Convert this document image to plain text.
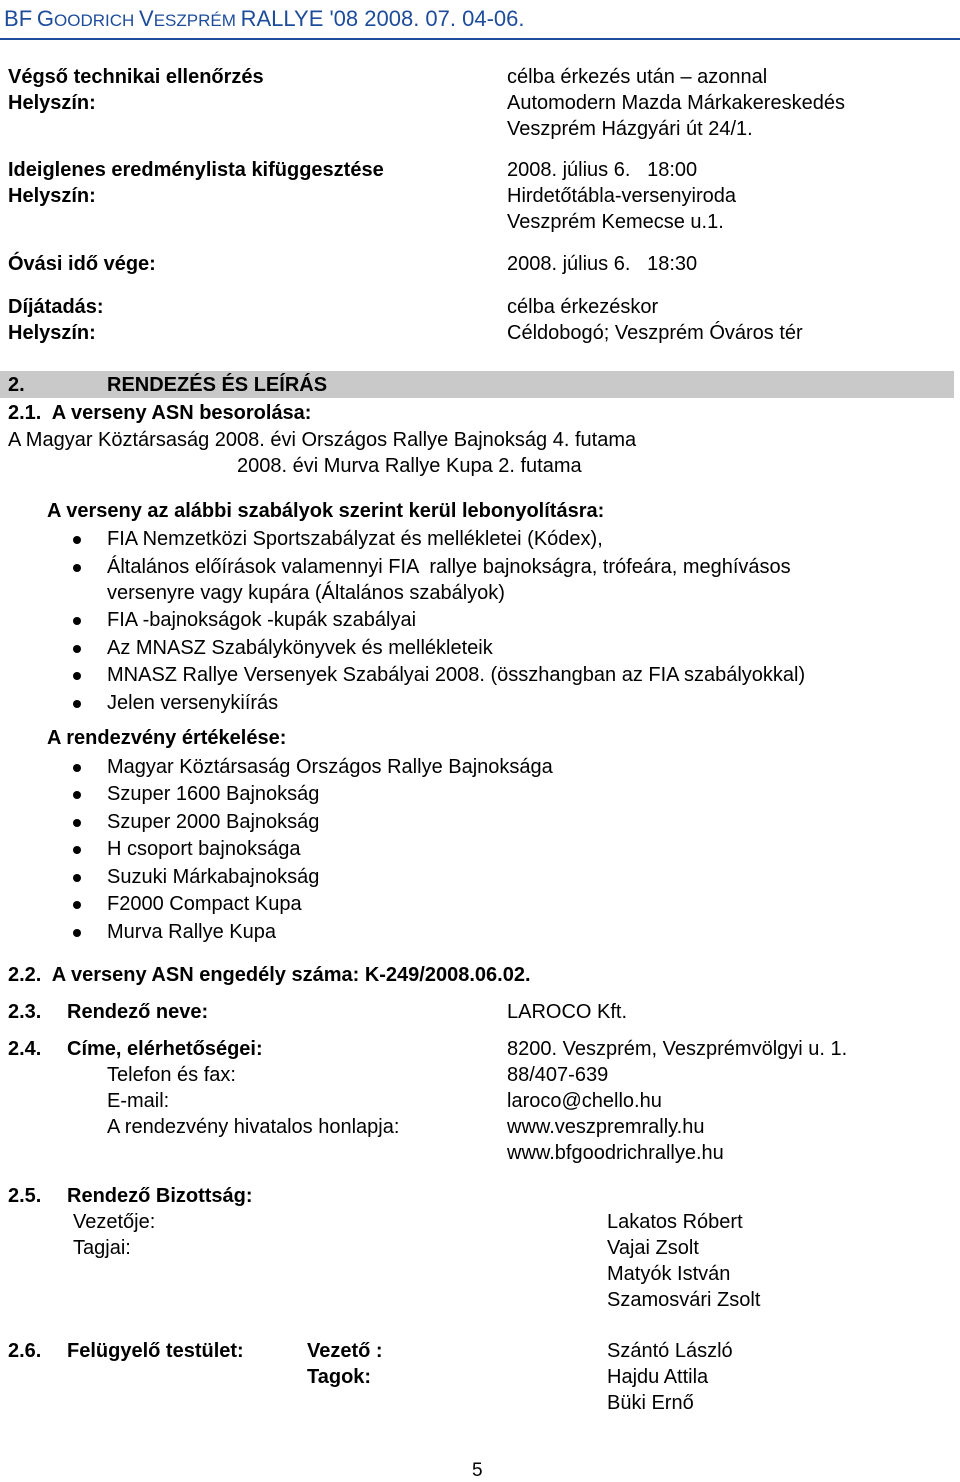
BF GOODRICH VESZPRÉM RALLYE '08 2008. 07. 04-06.
Végső technikai ellenőrzés	célba érkezés után – azonnal
Helyszín:	Automodern Mazda Márkakereskedés
Veszprém Házgyári út 24/1.
Ideiglenes eredménylista kifüggesztése	2008. július 6.   18:00
Helyszín:	Hirdetőtábla-versenyiroda
Veszprém Kemecse u.1.
Óvási idő vége:	2008. július 6.   18:30
Díjátadás:	célba érkezéskor
Helyszín:	Céldobogó; Veszprém Óváros tér
2.	RENDEZÉS ÉS LEÍRÁS
2.1.  A verseny ASN besorolása:
A Magyar Köztársaság 2008. évi Országos Rallye Bajnokság 4. futama
2008. évi Murva Rallye Kupa 2. futama
A verseny az alábbi szabályok szerint kerül lebonyolításra:
FIA Nemzetközi Sportszabályzat és mellékletei (Kódex),
Általános előírások valamennyi FIA  rallye bajnokságra, trófeára, meghívásos
versenyre vagy kupára (Általános szabályok)
FIA -bajnokságok -kupák szabályai
Az MNASZ Szabálykönyvek és mellékleteik
MNASZ Rallye Versenyek Szabályai 2008. (összhangban az FIA szabályokkal)
Jelen versenykiírás
A rendezvény értékelése:
Magyar Köztársaság Országos Rallye Bajnoksága
Szuper 1600 Bajnokság
Szuper 2000 Bajnokság
H csoport bajnoksága
Suzuki Márkabajnokság
F2000 Compact Kupa
Murva Rallye Kupa
2.2.  A verseny ASN engedély száma: K-249/2008.06.02.
2.3. Rendező neve:	LAROCO Kft.
2.4. Címe, elérhetőségei:	8200. Veszprém, Veszprémvölgyi u. 1.
Telefon és fax:	88/407-639
E-mail:	laroco@chello.hu
A rendezvény hivatalos honlapja:	www.veszpremrally.hu
www.bfgoodrichrallye.hu
2.5. Rendező Bizottság:
Vezetője:	Lakatos Róbert
Tagjai:	Vajai Zsolt
Matyók István
Szamosvári Zsolt
2.6. Felügyelő testület:	Vezető :	Szántó László
Tagok:	Hajdu Attila
Büki Ernő
5
